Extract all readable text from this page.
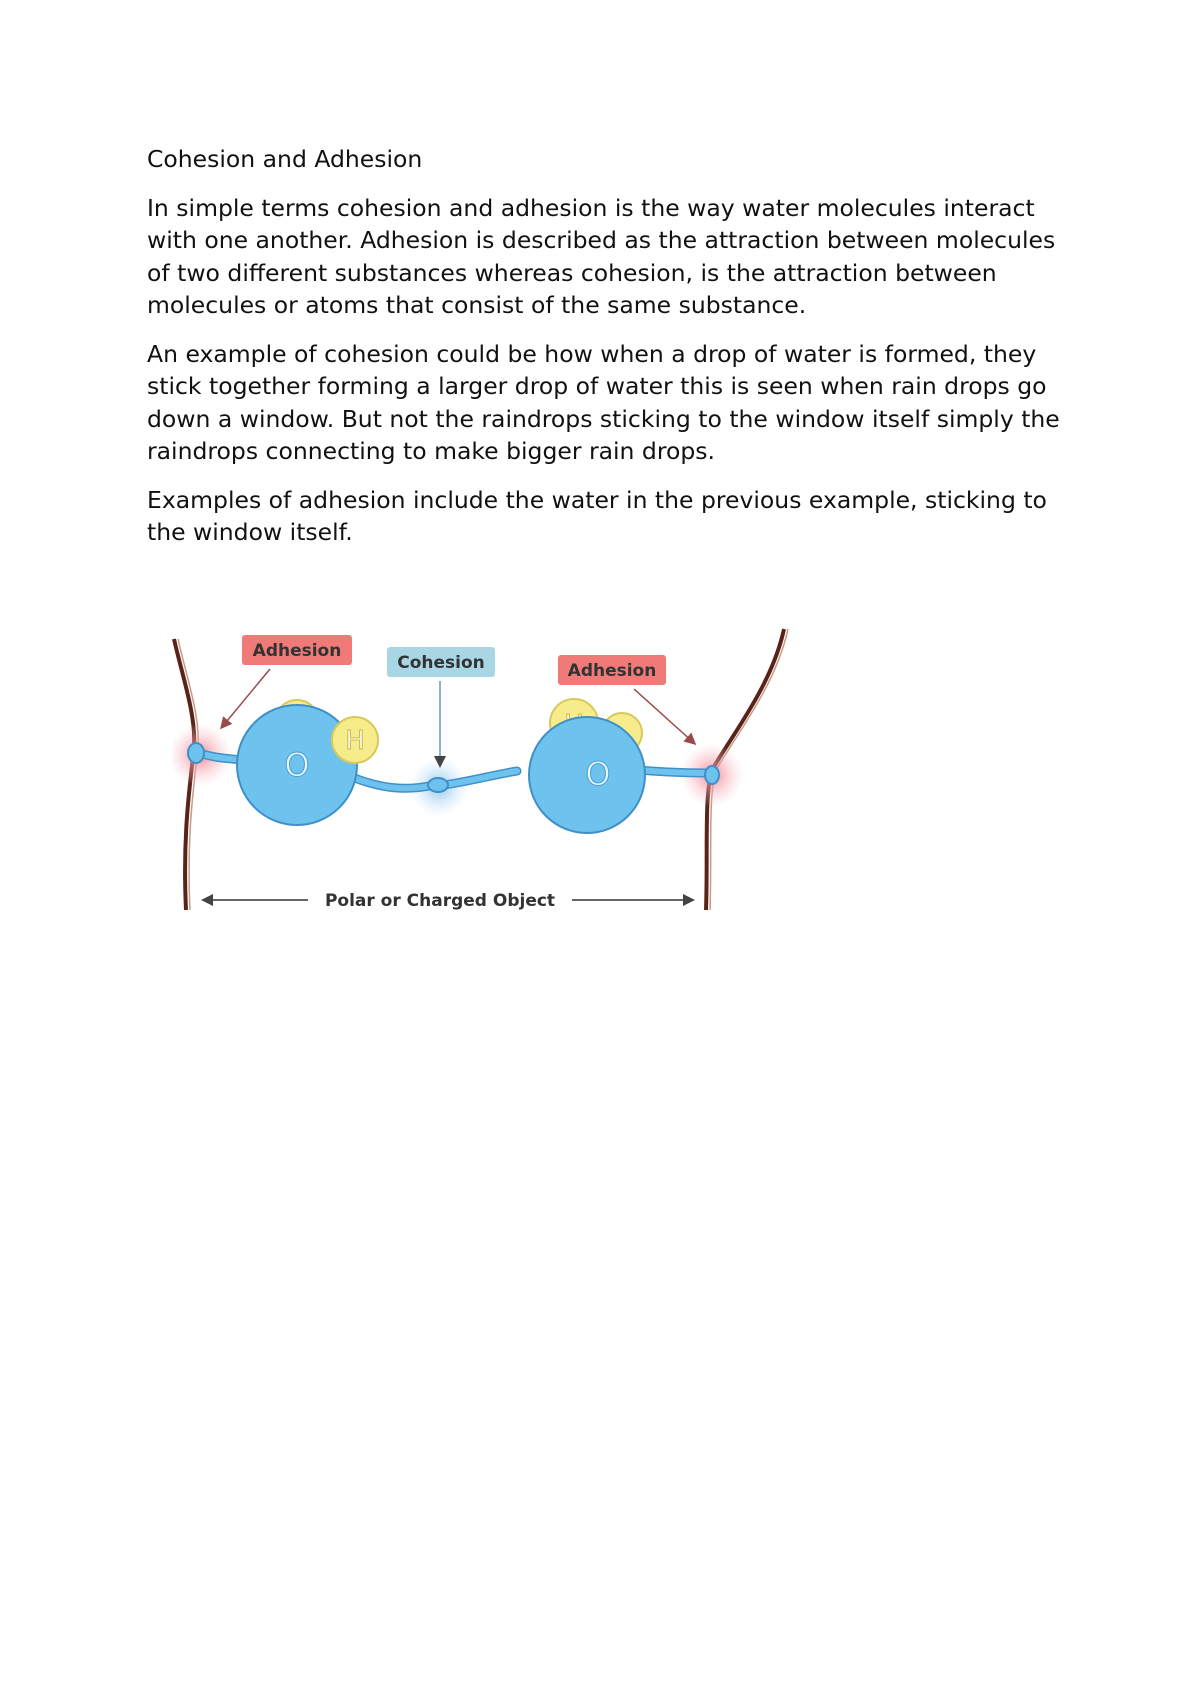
Cohesion and Adhesion

In simple terms cohesion and adhesion is the way water molecules interact with one another. Adhesion is described as the attraction between molecules of two different substances whereas cohesion, is the attraction between molecules or atoms that consist of the same substance.

An example of cohesion could be how when a drop of water is formed, they stick together forming a larger drop of water this is seen when rain drops go down a window. But not the raindrops sticking to the window itself simply the raindrops connecting to make bigger rain drops.

Examples of adhesion include the water in the previous example, sticking to the window itself.

H
O	O
Adhesion
Cohesion	Adhesion
Polar or Charged Object
